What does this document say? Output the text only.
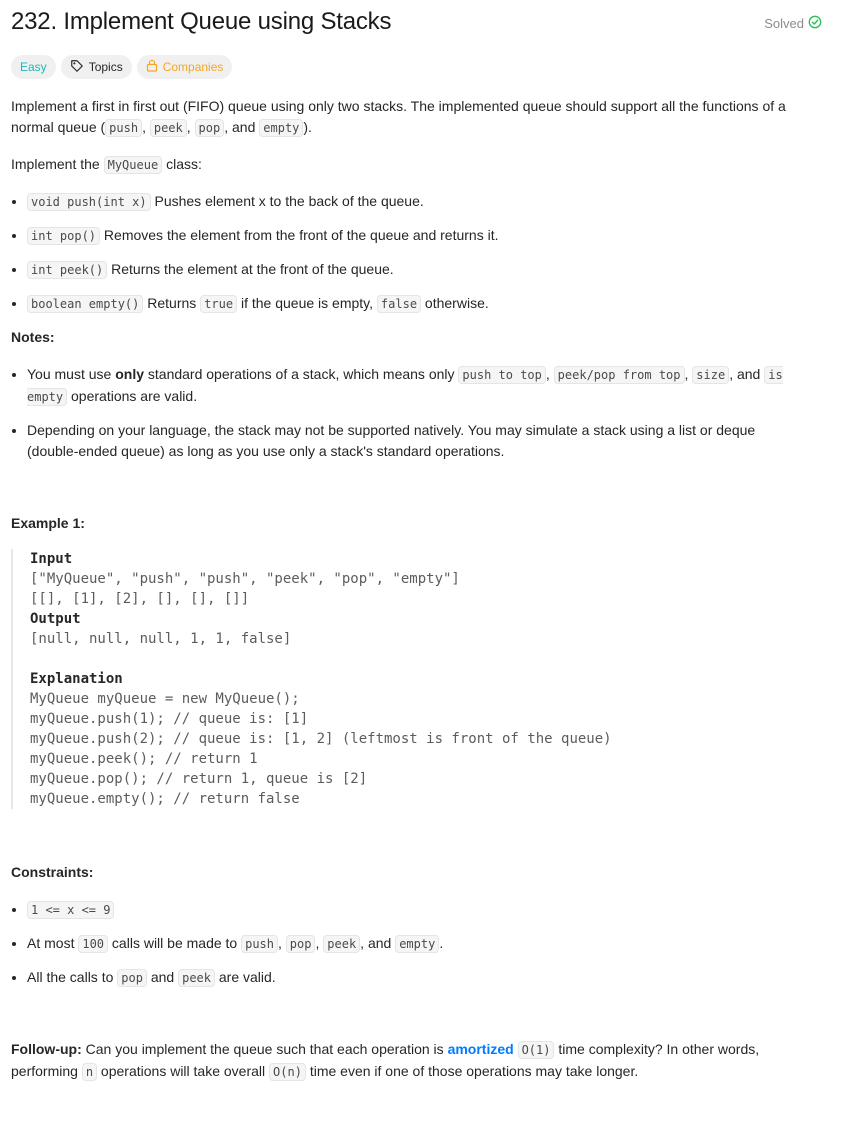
232. Implement Queue using Stacks	Solved
Easy	Topics	Companies

Implement a first in first out (FIFO) queue using only two stacks. The implemented queue should support all the functions of a normal queue ( push , peek , pop , and empty ).

Implement the MyQueue class:

• void push(int x) Pushes element x to the back of the queue.
• int pop() Removes the element from the front of the queue and returns it.
• int peek() Returns the element at the front of the queue.
• boolean empty() Returns true if the queue is empty, false otherwise.

Notes:

• You must use only standard operations of a stack, which means only push to top , peek/pop from top , size , and is empty operations are valid.
• Depending on your language, the stack may not be supported natively. You may simulate a stack using a list or deque (double-ended queue) as long as you use only a stack's standard operations.

Example 1:

Input
["MyQueue", "push", "push", "peek", "pop", "empty"]
[[], [1], [2], [], [], []]
Output
[null, null, null, 1, 1, false]

Explanation
MyQueue myQueue = new MyQueue();
myQueue.push(1); // queue is: [1]
myQueue.push(2); // queue is: [1, 2] (leftmost is front of the queue)
myQueue.peek(); // return 1
myQueue.pop(); // return 1, queue is [2]
myQueue.empty(); // return false

Constraints:

• 1 <= x <= 9
• At most 100 calls will be made to push , pop , peek , and empty .
• All the calls to pop and peek are valid.

Follow-up: Can you implement the queue such that each operation is amortized O(1) time complexity? In other words, performing n operations will take overall O(n) time even if one of those operations may take longer.
